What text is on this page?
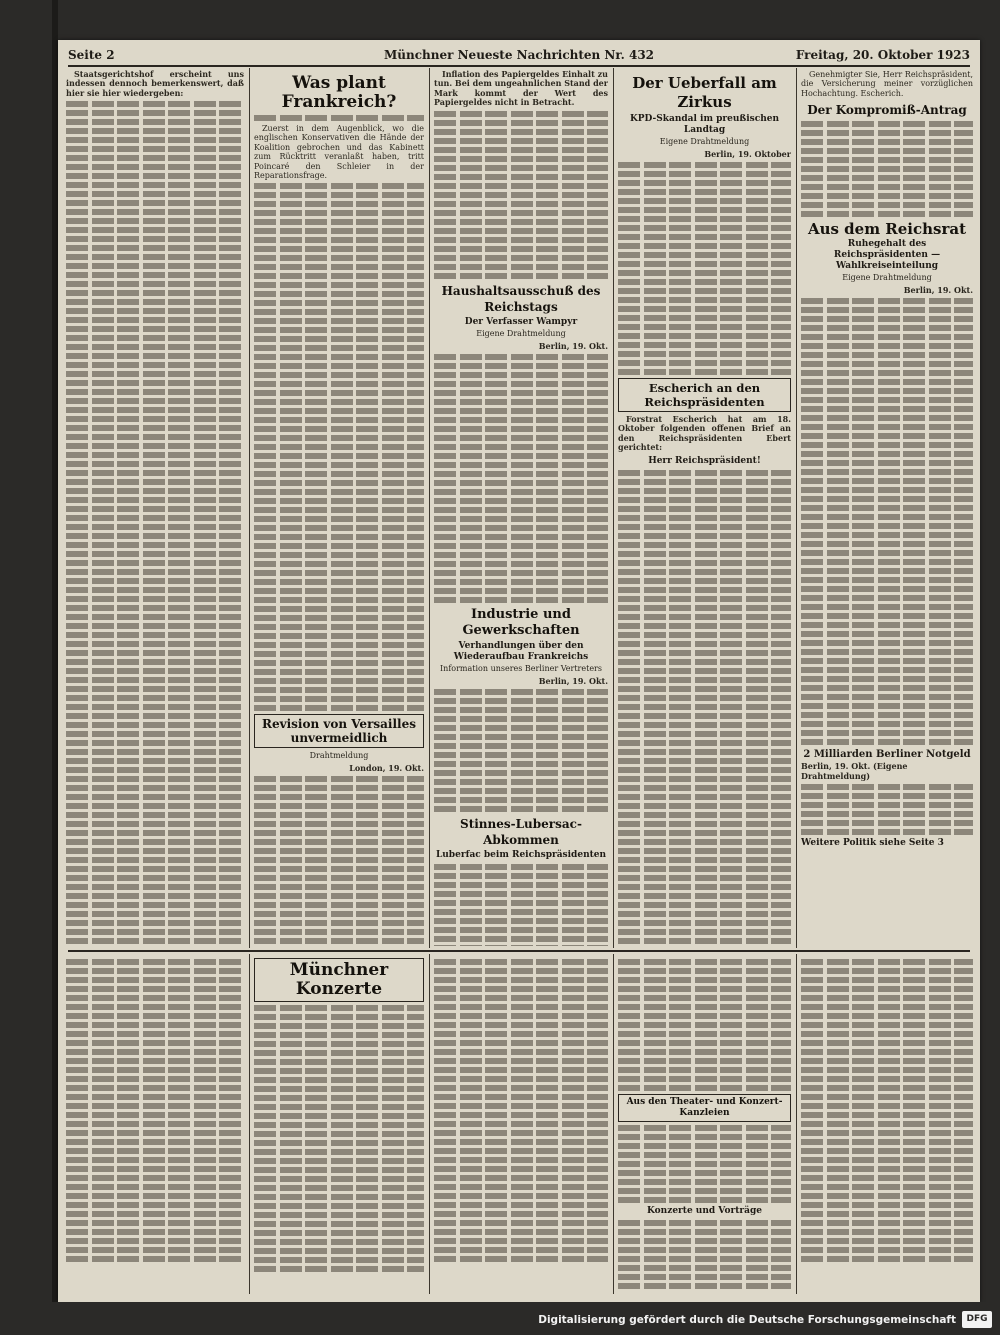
Seite 2	Münchner Neueste Nachrichten Nr. 432	Freitag, 20. Oktober 1923

Staatsgerichtshof erscheint uns indessen dennoch bemerkenswert, daß hier sie hier wiedergeben:	Was plant Frankreich?

Zuerst in dem Augenblick, wo die englischen Konservativen die Hände der Koalition gebrochen und das Kabinett zum Rücktritt veranlaßt haben, tritt Poincaré den Schleier in der Reparationsfrage.

Revision von Versailles unvermeidlich
Drahtmeldung
London, 19. Okt.

Inflation des Papiergeldes Einhalt zu tun. Bei dem ungeahnlichen Stand der Mark kommt der Wert des Papiergeldes nicht in Betracht.

Haushaltsausschuß des Reichstags
Der Verfasser Wampyr
Eigene Drahtmeldung
Berlin, 19. Okt.
Industrie und Gewerkschaften
Verhandlungen über den Wiederaufbau Frankreichs
Information unseres Berliner Vertreters
Berlin, 19. Okt.
Stinnes-Lubersac-Abkommen
Luberfac beim Reichspräsidenten
Der Ueberfall am Zirkus
KPD-Skandal im preußischen Landtag
Eigene Drahtmeldung
Berlin, 19. Oktober
Escherich an den Reichspräsidenten

Forstrat Escherich hat am 18. Oktober folgenden offenen Brief an den Reichspräsidenten Ebert gerichtet:

Herr Reichspräsident!

Genehmigter Sie, Herr Reichspräsident, die Versicherung meiner vorzüglichen Hochachtung. Escherich.

Der Kompromiß-Antrag
Aus dem Reichsrat
Ruhegehalt des Reichspräsidenten — Wahlkreiseinteilung
Eigene Drahtmeldung
Berlin, 19. Okt.
2 Milliarden Berliner Notgeld
Berlin, 19. Okt. (Eigene Drahtmeldung)
Weitere Politik siehe Seite 3
Münchner Konzerte
Aus den Theater- und Konzert-Kanzleien
Konzerte und Vorträge
Digitalisierung gefördert durch die Deutsche Forschungsgemeinschaft	DFG
